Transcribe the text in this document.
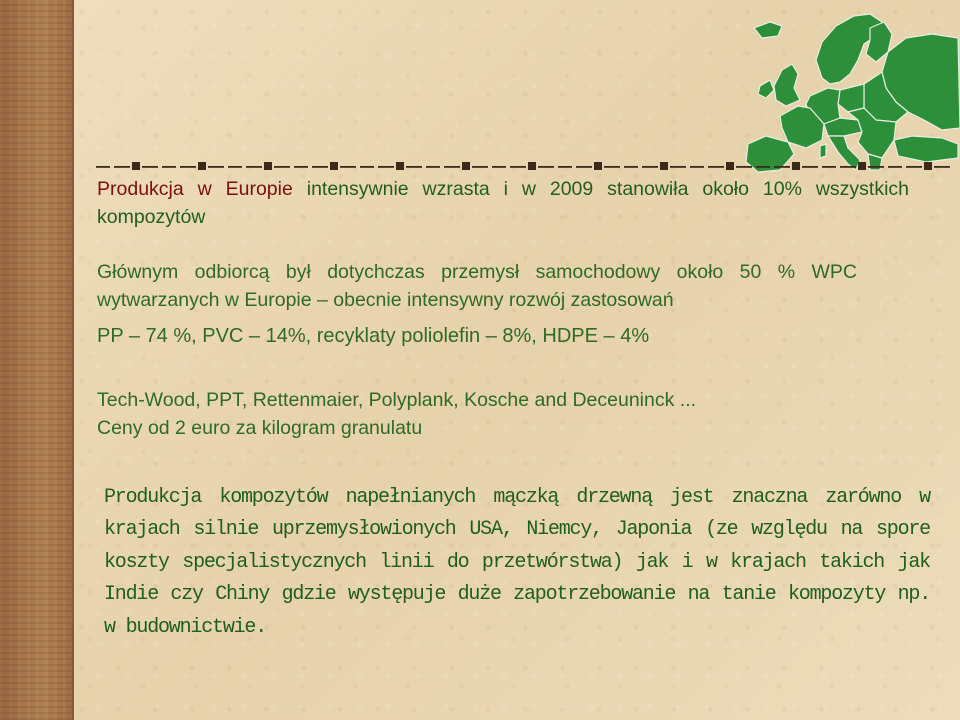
Produkcja w Europie intensywnie wzrasta i w 2009 stanowiła około 10% wszystkich kompozytów

Głównym odbiorcą był dotychczas przemysł samochodowy około 50 % WPC
wytwarzanych w Europie – obecnie intensywny rozwój zastosowań

PP – 74 %, PVC – 14%, recyklaty poliolefin – 8%, HDPE – 4%

Tech-Wood, PPT, Rettenmaier, Polyplank, Kosche and Deceuninck ...
Ceny od 2 euro za kilogram granulatu

Produkcja kompozytów napełnianych mączką drzewną jest znaczna zarówno w krajach silnie uprzemysłowionych USA, Niemcy, Japonia (ze względu na spore koszty specjalistycznych linii do przetwórstwa) jak i w krajach takich jak Indie czy Chiny gdzie występuje duże zapotrzebowanie na tanie kompozyty np. w budownictwie.
